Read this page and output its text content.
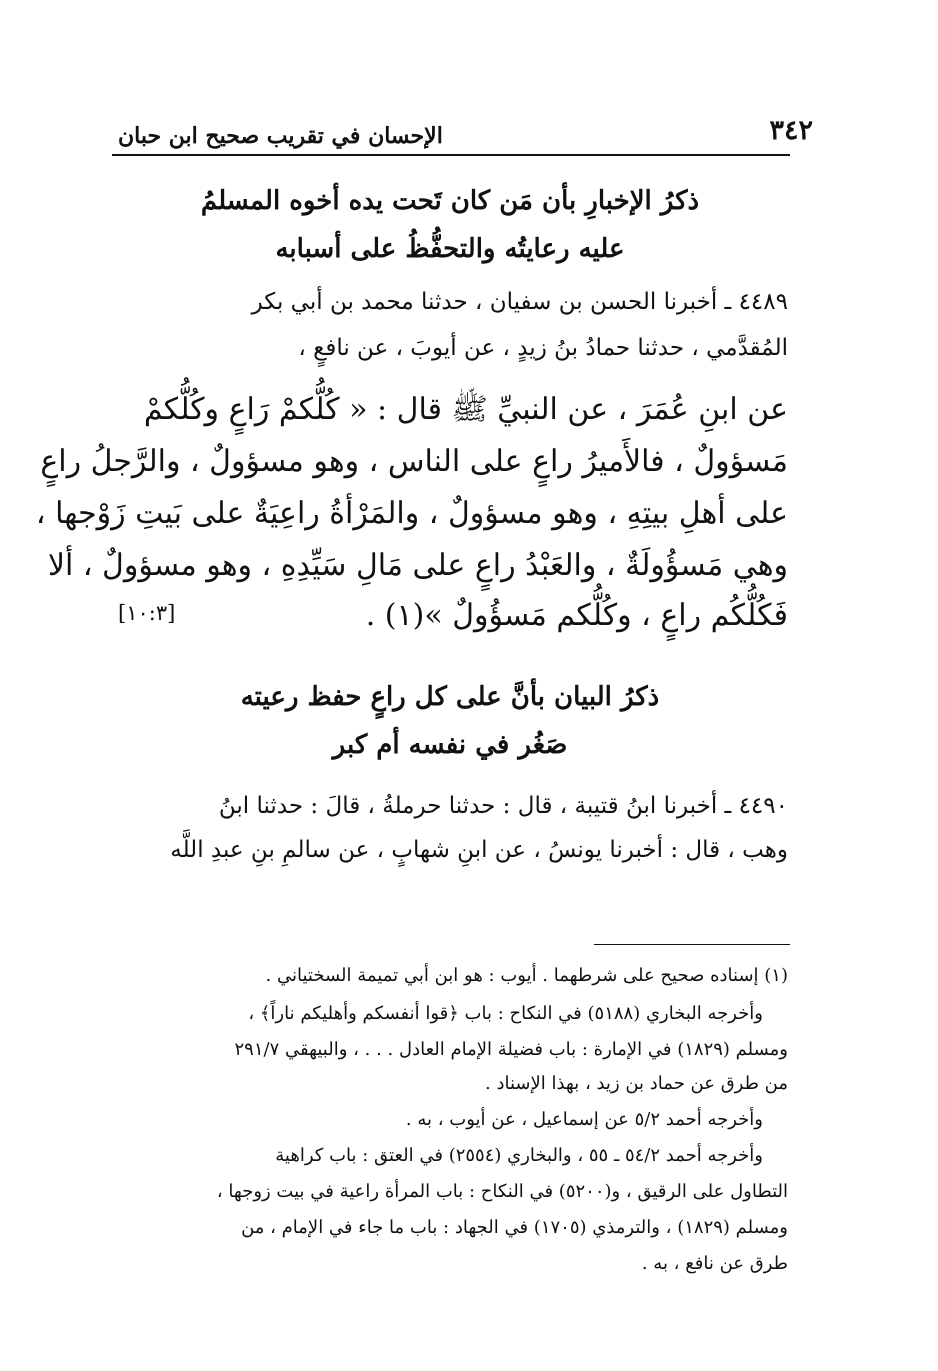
٣٤٢
الإحسان في تقريب صحيح ابن حبان
ذكرُ الإخبارِ بأن مَن كان تَحت يده أخوه المسلمُ
عليه رعايتُه والتحفُّظُ على أسبابه
٤٤٨٩ ـ أخبرنا الحسن بن سفيان ، حدثنا محمد بن أبي بكر
المُقدَّمي ، حدثنا حمادُ بنُ زيدٍ ، عن أيوبَ ، عن نافعٍ ،
عن ابنِ عُمَرَ ، عن النبيِّ ﷺ قال : « كُلُّكمْ رَاعٍ وكُلُّكمْ
مَسؤولٌ ، فالأَميرُ راعٍ على الناس ، وهو مسؤولٌ ، والرَّجلُ راعٍ
على أهلِ بيتِهِ ، وهو مسؤولٌ ، والمَرْأةُ راعِيَةٌ على بَيتِ زَوْجها ،
وهي مَسؤُولَةٌ ، والعَبْدُ راعٍ على مَالِ سَيِّدِهِ ، وهو مسؤولٌ ، ألا
فَكُلُّكُم راعٍ ، وكُلُّكم مَسؤُولٌ »(١) .
[١٠:٣]
ذكرُ البيان بأنَّ على كل راعٍ حفظ رعيته
صَغُر في نفسه أم كبر
٤٤٩٠ ـ أخبرنا ابنُ قتيبة ، قال : حدثنا حرملةُ ، قالَ : حدثنا ابنُ
وهب ، قال : أخبرنا يونسُ ، عن ابنِ شهابٍ ، عن سالمِ بنِ عبدِ اللَّه
(١) إسناده صحيح على شرطهما . أيوب : هو ابن أبي تميمة السختياني .
وأخرجه البخاري (٥١٨٨) في النكاح : باب ﴿قوا أنفسكم وأهليكم ناراً﴾ ،
ومسلم (١٨٢٩) في الإمارة : باب فضيلة الإمام العادل . . . ، والبيهقي ٢٩١/٧
من طرق عن حماد بن زيد ، بهذا الإسناد .
وأخرجه أحمد ٥/٢ عن إسماعيل ، عن أيوب ، به .
وأخرجه أحمد ٥٤/٢ ـ ٥٥ ، والبخاري (٢٥٥٤) في العتق : باب كراهية
التطاول على الرقيق ، و(٥٢٠٠) في النكاح : باب المرأة راعية في بيت زوجها ،
ومسلم (١٨٢٩) ، والترمذي (١٧٠٥) في الجهاد : باب ما جاء في الإمام ، من
طرق عن نافع ، به .
